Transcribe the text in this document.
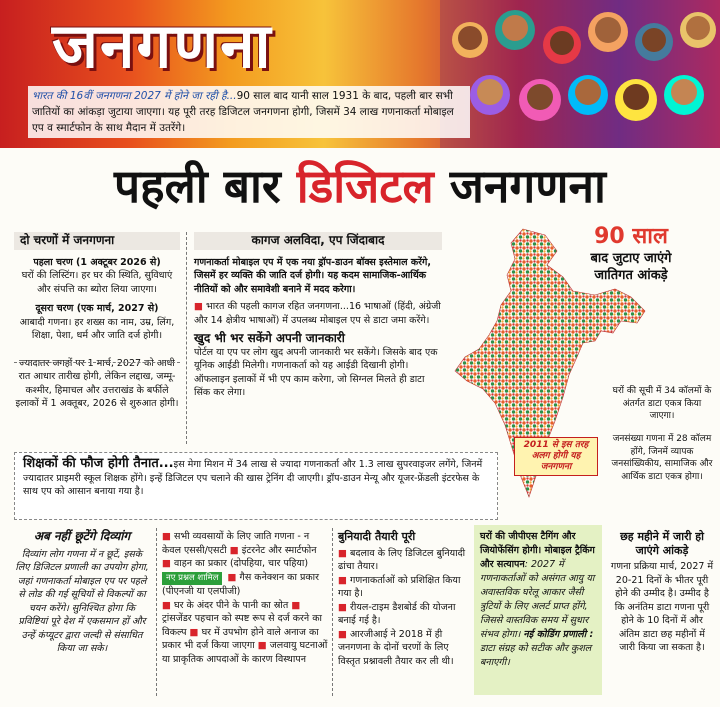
जनगणना
भारत की 16वीं जनगणना 2027 में होने जा रही है...90 साल बाद यानी साल 1931 के बाद, पहली बार सभी जातियों का आंकड़ा जुटाया जाएगा। यह पूरी तरह डिजिटल जनगणना होगी, जिसमें 34 लाख गणनाकर्ता मोबाइल एप व स्मार्टफोन के साथ मैदान में उतरेंगे।
पहली बार डिजिटल जनगणना
दो चरणों में जनगणना
पहला चरण (1 अक्टूबर 2026 से)
घरों की लिस्टिंग। हर घर की स्थिति, सुविधाएं और संपत्ति का ब्योरा लिया जाएगा।
दूसरा चरण (एक मार्च, 2027 से)
आबादी गणना। हर शख्स का नाम, उम्र, लिंग, शिक्षा, पेशा, धर्म और जाति दर्ज होगी।
ज्यादातर जगहों पर 1 मार्च, 2027 को आधी रात आधार तारीख होगी, लेकिन लद्दाख, जम्मू-कश्मीर, हिमाचल और उत्तराखंड के बर्फीले इलाकों में 1 अक्तूबर, 2026 से शुरुआत होगी।
कागज अलविदा, एप जिंदाबाद
गणनाकर्ता मोबाइल एप में एक नया ड्रॉप-डाउन बॉक्स इस्तेमाल करेंगे, जिसमें हर व्यक्ति की जाति दर्ज होगी। यह कदम सामाजिक-आर्थिक नीतियों को और समावेशी बनाने में मदद करेगा।
■ भारत की पहली कागज रहित जनगणना...16 भाषाओं (हिंदी, अंग्रेजी और 14 क्षेत्रीय भाषाओं) में उपलब्ध मोबाइल एप से डाटा जमा करेंगे।
खुद भी भर सकेंगे अपनी जानकारी
पोर्टल या एप पर लोग खुद अपनी जानकारी भर सकेंगे। जिसके बाद एक यूनिक आईडी मिलेगी। गणनाकर्ता को यह आईडी दिखानी होगी। ऑफलाइन इलाकों में भी एप काम करेगा, जो सिग्नल मिलते ही डाटा सिंक कर लेगा।
2011 से इस तरह अलग होगी यह जनगणना
90 साल
बाद जुटाए जाएंगे
जातिगत आंकड़े
घरों की सूची में 34 कॉलमों के अंतर्गत डाटा एकत्र किया जाएगा।
जनसंख्या गणना में 28 कॉलम होंगे, जिनमें व्यापक जनसांख्यिकीय, सामाजिक और आर्थिक डाटा एकत्र होगा।
शिक्षकों की फौज होगी तैनात...इस मेगा मिशन में 34 लाख से ज्यादा गणनाकर्ता और 1.3 लाख सुपरवाइजर लगेंगे, जिनमें ज्यादातर प्राइमरी स्कूल शिक्षक होंगे। इन्हें डिजिटल एप चलाने की खास ट्रेनिंग दी जाएगी। ड्रॉप-डाउन मेन्यू और यूजर-फ्रेंडली इंटरफेस के साथ एप को आसान बनाया गया है।
अब नहीं छूटेंगे दिव्यांग
दिव्यांग लोग गणना में न छूटें, इसके लिए डिजिटल प्रणाली का उपयोग होगा, जहां गणनाकर्ता मोबाइल एप पर पहले से लोड की गई सूचियों से विकल्पों का चयन करेंगे। सुनिश्चित होगा कि प्रविष्टियां पूरे देश में एकसमान हों और उन्हें कंप्यूटर द्वारा जल्दी से संसाधित किया जा सके।
■ सभी व्यवसायों के लिए जाति गणना - न केवल एससी/एसटी ■ इंटरनेट और स्मार्टफोन ■ वाहन का प्रकार (दोपहिया, चार पहिया)
नए प्रश्नल शामिल ■ गैस कनेक्शन का प्रकार (पीएनजी या एलपीजी)
■ घर के अंदर पीने के पानी का स्रोत ■ ट्रांसजेंडर पहचान को स्पष्ट रूप से दर्ज करने का विकल्प ■ घर में उपभोग होने वाले अनाज का प्रकार भी दर्ज किया जाएगा ■ जलवायु घटनाओं या प्राकृतिक आपदाओं के कारण विस्थापन
बुनियादी तैयारी पूरी
■ बदलाव के लिए डिजिटल बुनियादी ढांचा तैयार।
■ गणनाकर्ताओं को प्रशिक्षित किया गया है।
■ रीयल-टाइम डैशबोर्ड की योजना बनाई गई है।
■ आरजीआई ने 2018 में ही जनगणना के दोनों चरणों के लिए विस्तृत प्रश्नावली तैयार कर ली थी।
घरों की जीपीएस टैगिंग और जियोफेंसिंग होगी। मोबाइल ट्रैकिंग और सत्यापन: 2027 में गणनाकर्ताओं को असंगत आयु या अवास्तविक घरेलू आकार जैसी त्रुटियों के लिए अलर्ट प्राप्त होंगे, जिससे वास्तविक समय में सुधार संभव होगा। नई कोडिंग प्रणाली : डाटा संग्रह को सटीक और कुशल बनाएगी।
छह महीने में जारी हो जाएंगे आंकड़े
गणना प्रक्रिया मार्च, 2027 में 20-21 दिनों के भीतर पूरी होने की उम्मीद है। उम्मीद है कि अनंतिम डाटा गणना पूरी होने के 10 दिनों में और अंतिम डाटा छह महीनों में जारी किया जा सकता है।
